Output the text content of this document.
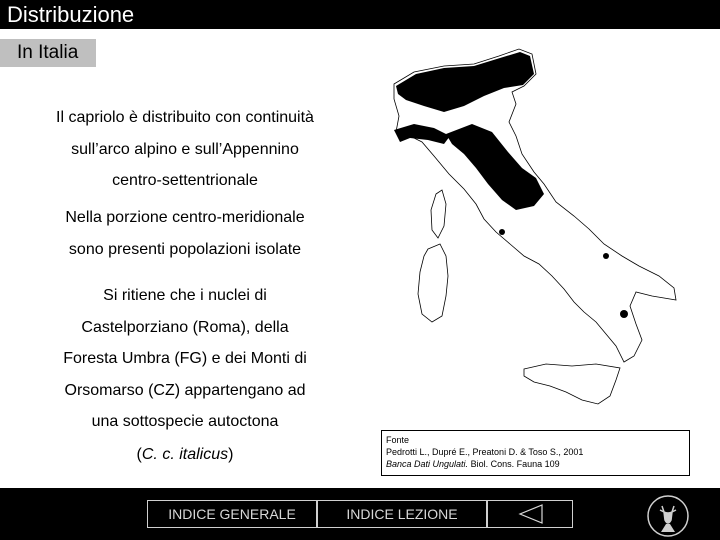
Distribuzione
In Italia

Il capriolo è distribuito con continuità
sull’arco alpino e sull’Appennino
centro-settentrionale

Nella porzione centro-meridionale
sono presenti popolazioni isolate

Si ritiene che i nuclei di
Castelporziano (Roma), della
Foresta Umbra (FG) e dei Monti di
Orsomarso (CZ) appartengano ad
una sottospecie autoctona

(C. c. italicus)

Fonte
Pedrotti L., Dupré E., Preatoni D. & Toso S., 2001
Banca Dati Ungulati. Biol. Cons. Fauna 109
INDICE GENERALE	INDICE LEZIONE
